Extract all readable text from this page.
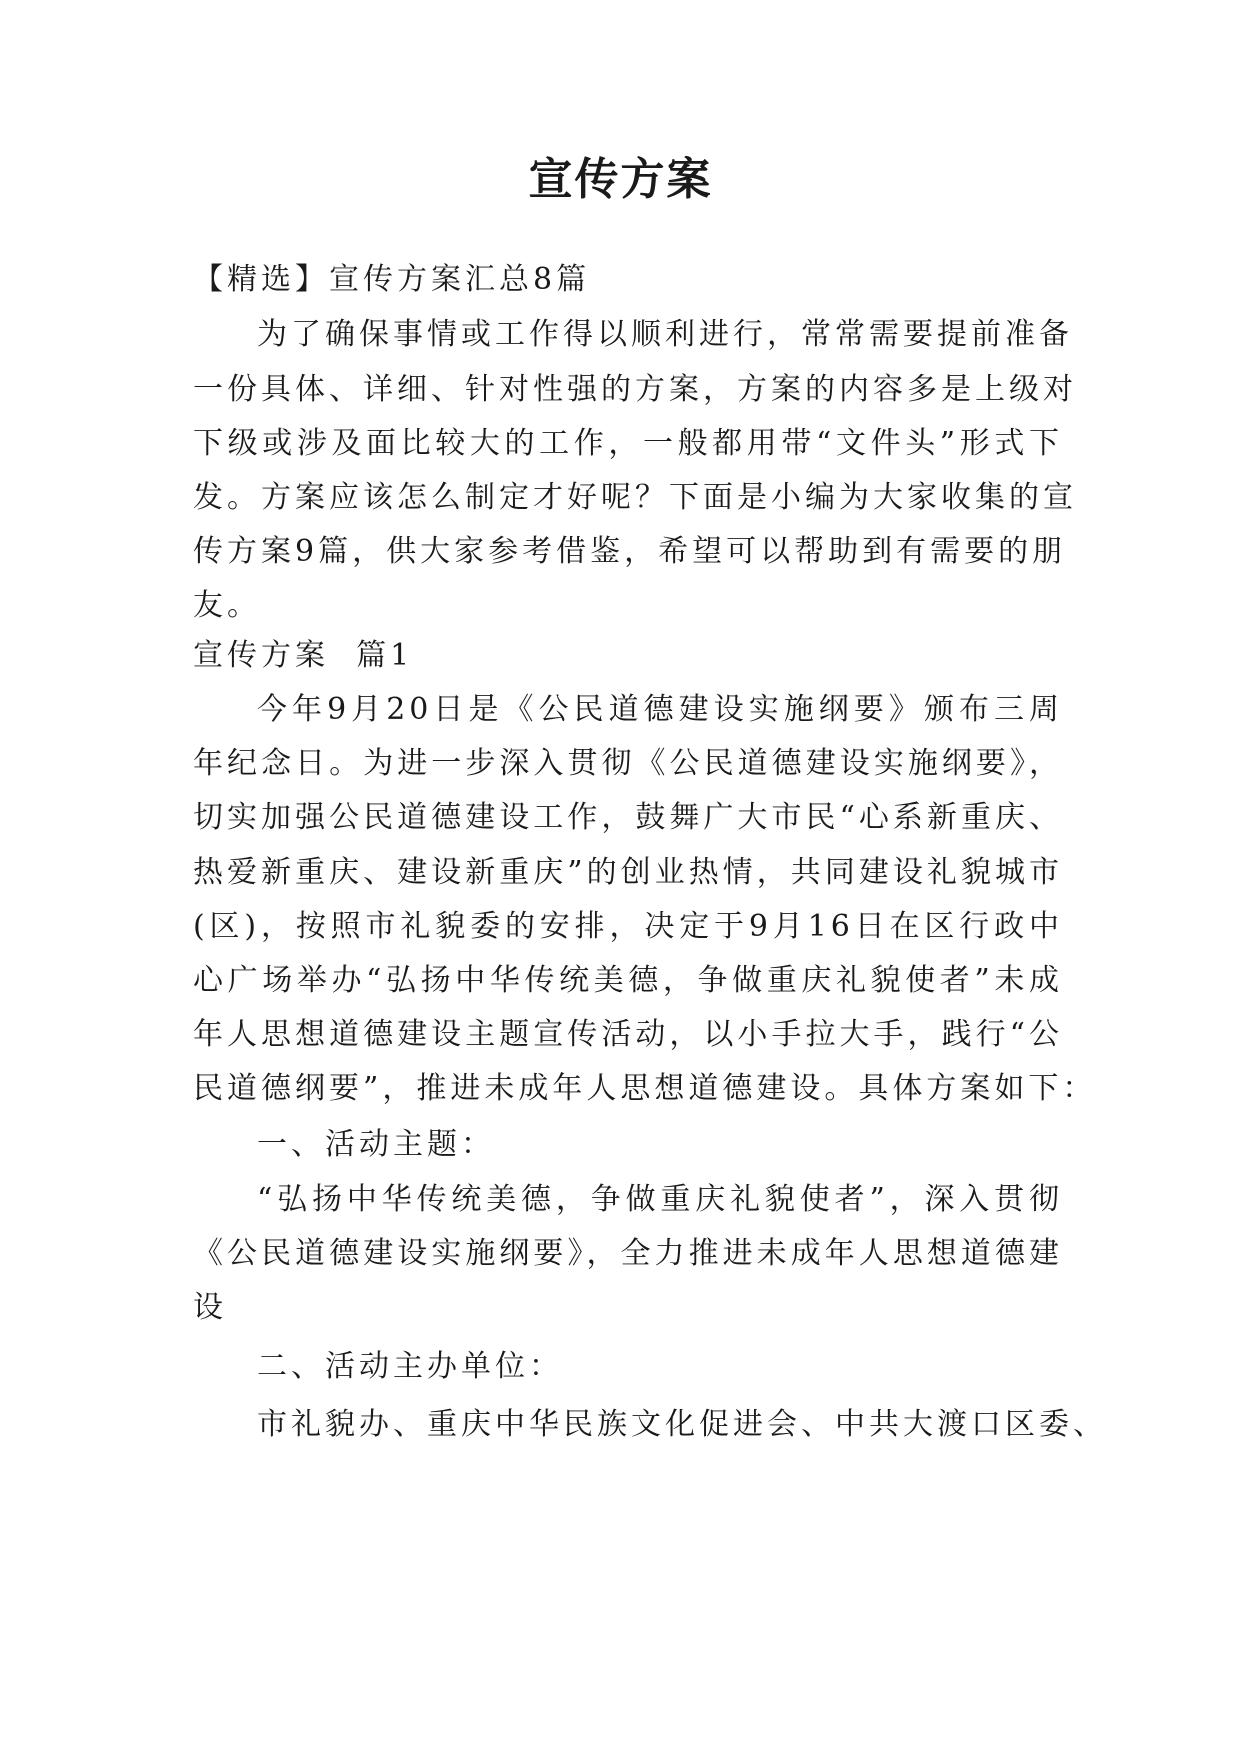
宣传方案
【精选】宣传方案汇总8篇
为了确保事情或工作得以顺利进行，常常需要提前准备
一份具体、详细、针对性强的方案，方案的内容多是上级对
下级或涉及面比较大的工作，一般都用带“文件头”形式下
发。方案应该怎么制定才好呢？下面是小编为大家收集的宣
传方案9篇，供大家参考借鉴，希望可以帮助到有需要的朋
友。
宣传方案  篇1
今年9月20日是《公民道德建设实施纲要》颁布三周
年纪念日。为进一步深入贯彻《公民道德建设实施纲要》，
切实加强公民道德建设工作，鼓舞广大市民“心系新重庆、
热爱新重庆、建设新重庆”的创业热情，共同建设礼貌城市
(区)，按照市礼貌委的安排，决定于9月16日在区行政中
心广场举办“弘扬中华传统美德，争做重庆礼貌使者”未成
年人思想道德建设主题宣传活动，以小手拉大手，践行“公
民道德纲要”，推进未成年人思想道德建设。具体方案如下：
一、活动主题：
“弘扬中华传统美德，争做重庆礼貌使者”，深入贯彻
《公民道德建设实施纲要》，全力推进未成年人思想道德建
设
二、活动主办单位：
市礼貌办、重庆中华民族文化促进会、中共大渡口区委、
